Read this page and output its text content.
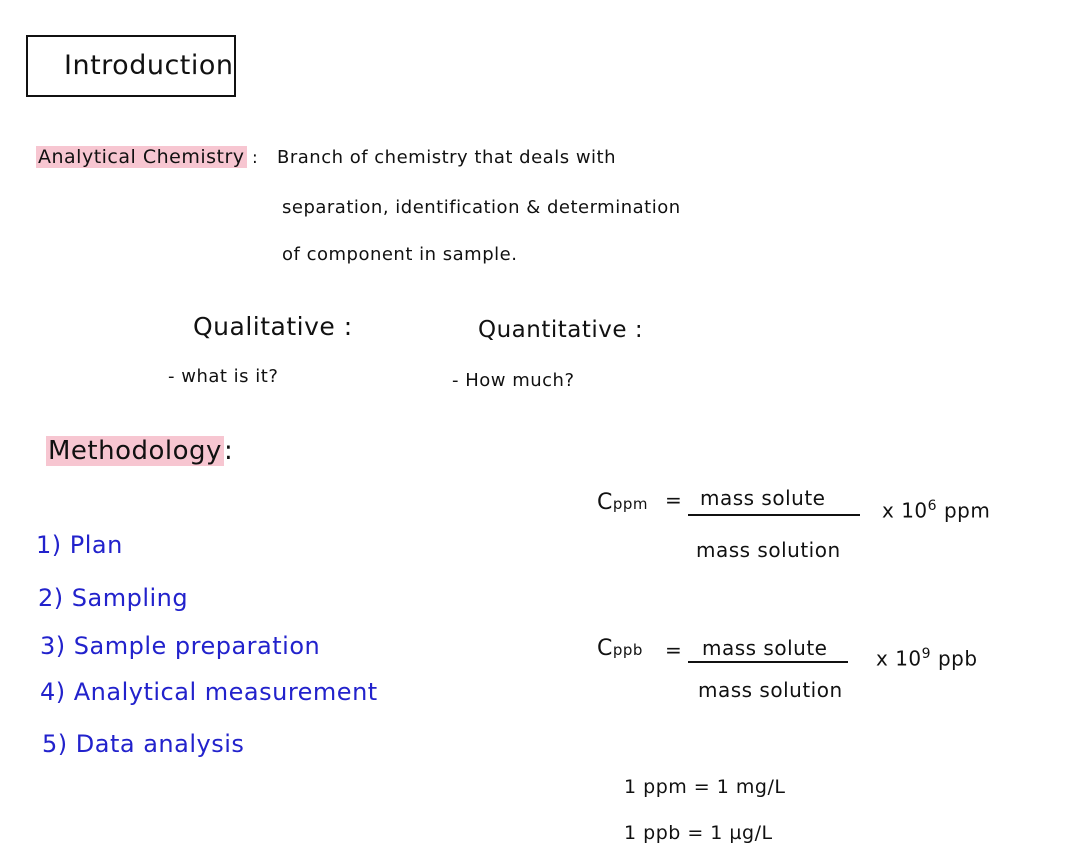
Introduction
Analytical Chemistry : Branch of chemistry that deals with
separation, identification & determination
of component in sample.
Qualitative :
- what is it?
Quantitative :
- How much?
Methodology:
1) Plan
2) Sampling
3) Sample preparation
4) Analytical measurement
5) Data analysis
Cppm = mass solute
mass solution
x $10^6$ ppm
Cppb = mass solute
mass solution
x $10^9$ ppb
1 ppm = 1 mg/L
1 ppb = 1 µg/L
